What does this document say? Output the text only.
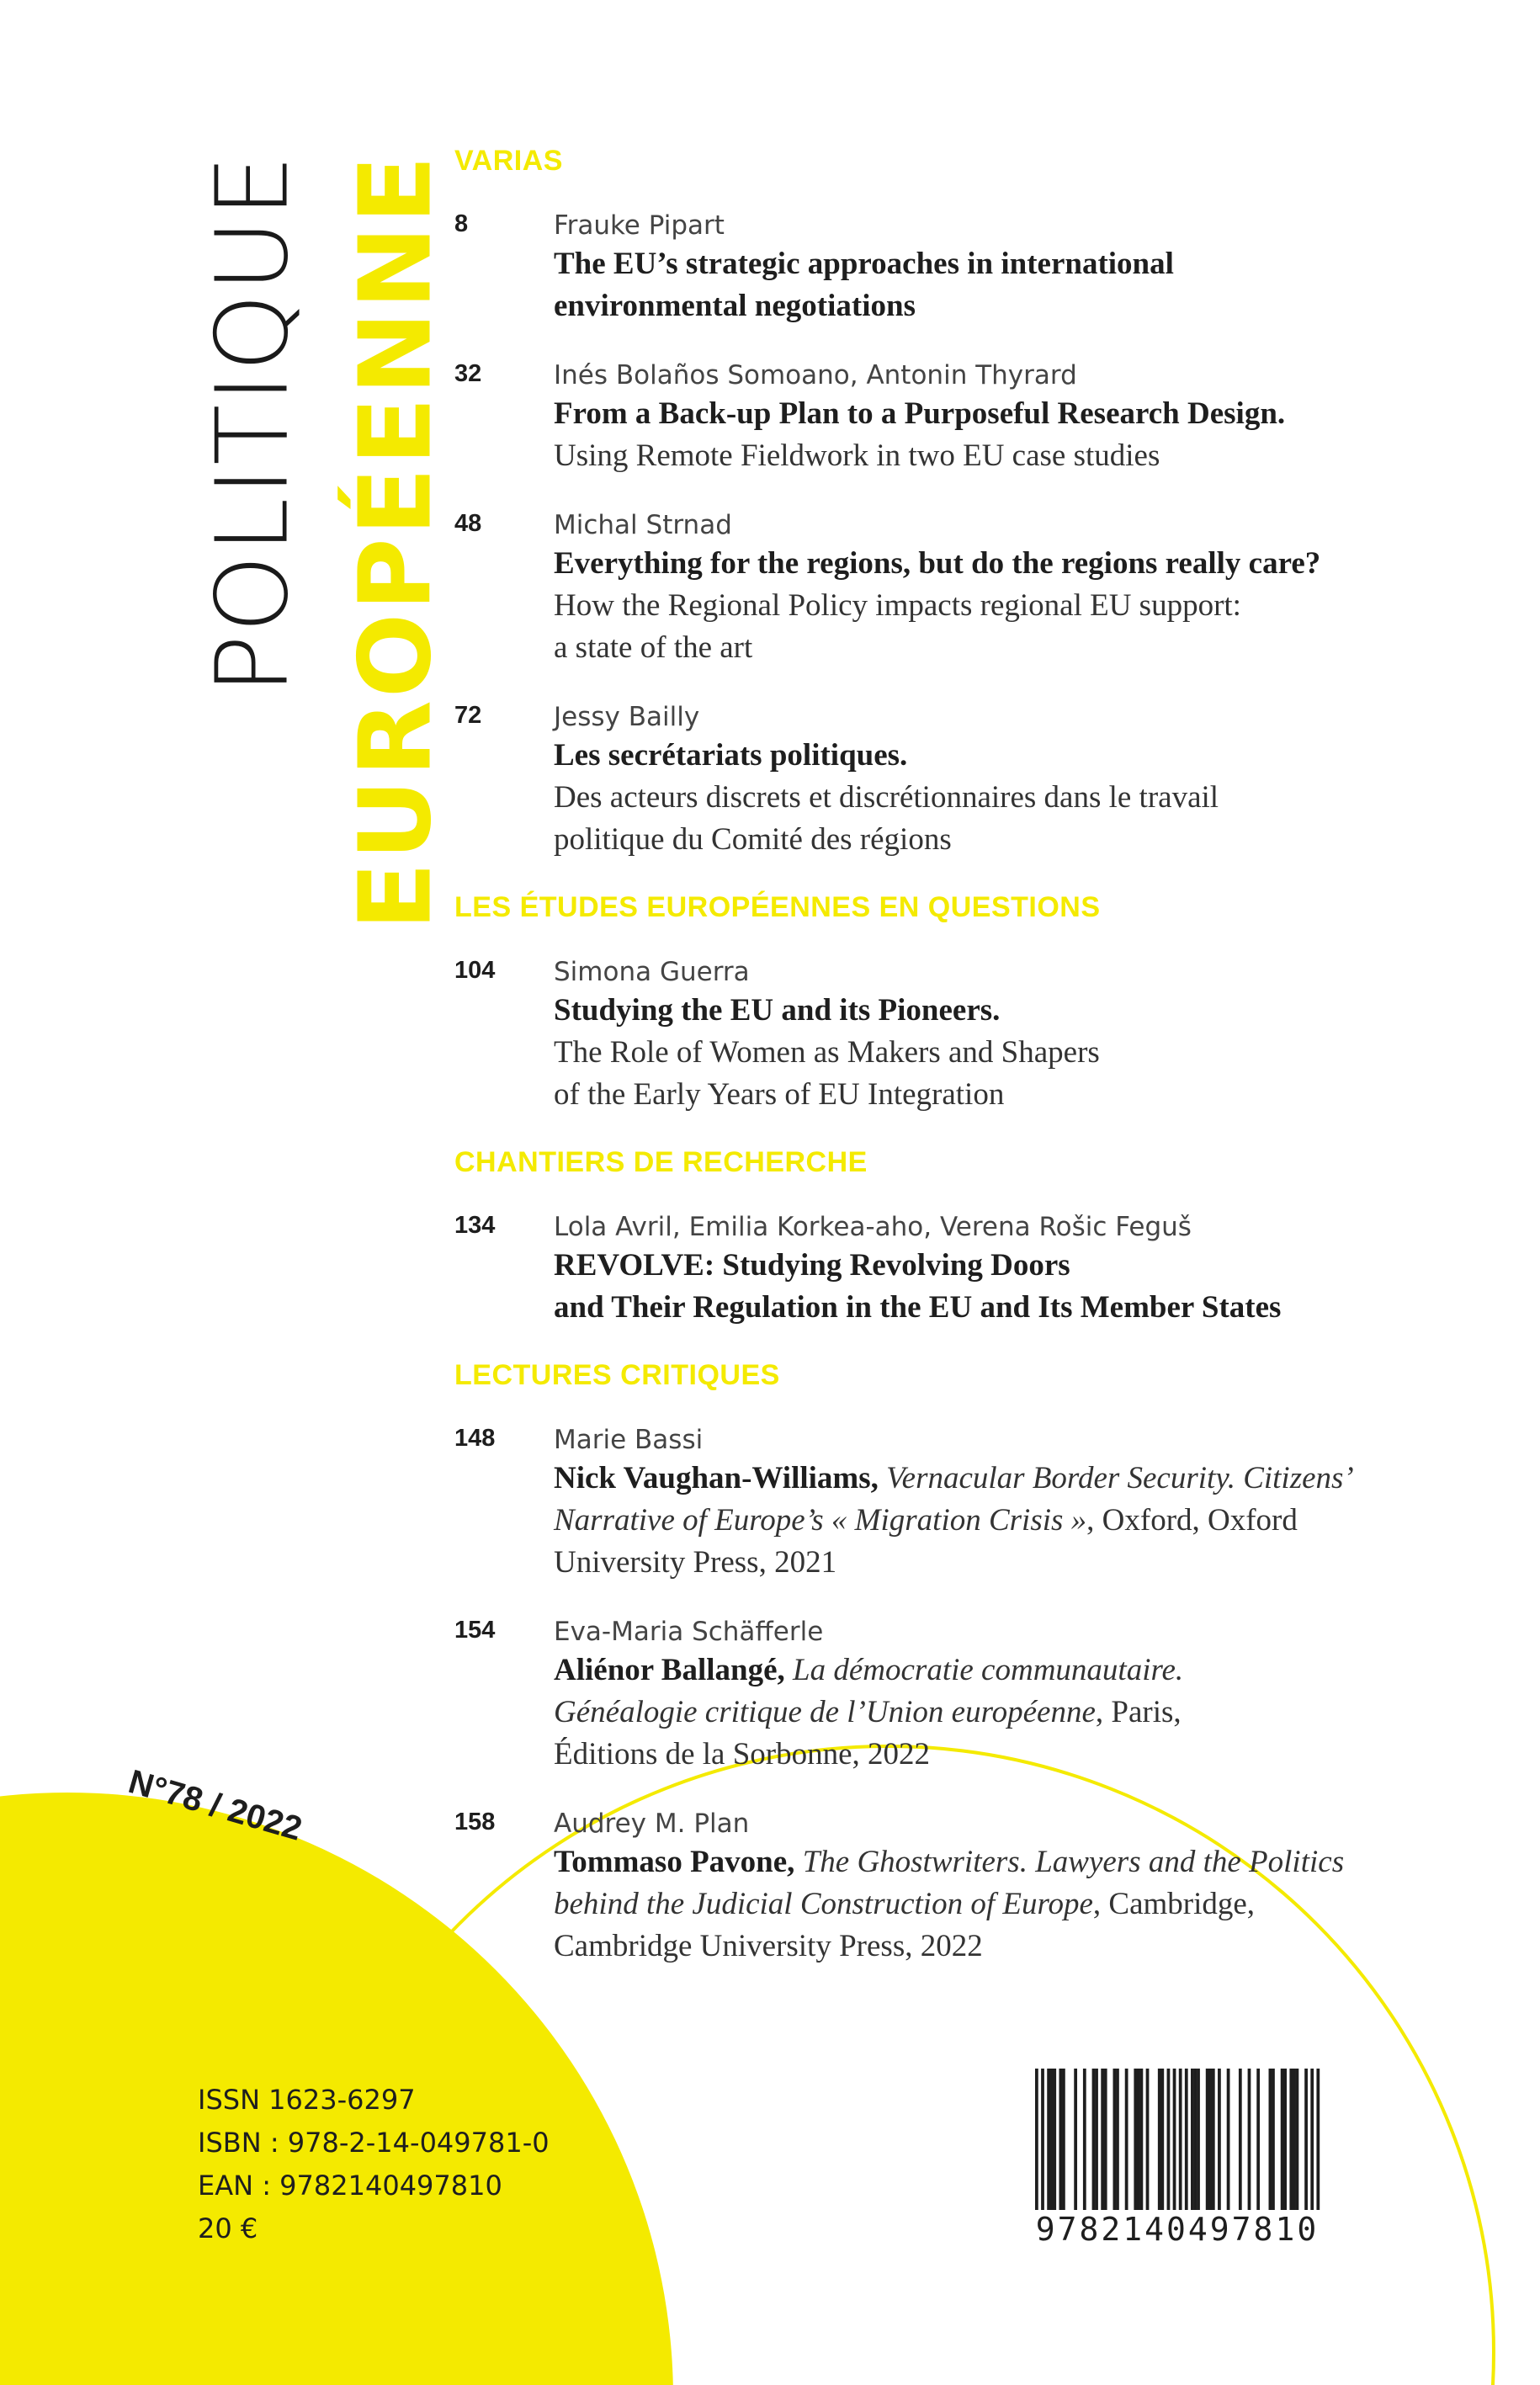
POLITIQUE EUROPÉENNE VARIAS
8	Frauke Pipart
The EU’s strategic approaches in international
environmental negotiations
32	Inés Bolaños Somoano, Antonin Thyrard
From a Back-up Plan to a Purposeful Research Design.
Using Remote Fieldwork in two EU case studies
48	Michal Strnad
Everything for the regions, but do the regions really care?
How the Regional Policy impacts regional EU support:
a state of the art
72	Jessy Bailly
Les secrétariats politiques.
Des acteurs discrets et discrétionnaires dans le travail
politique du Comité des régions
LES ÉTUDES EUROPÉENNES EN QUESTIONS
104 Simona Guerra
Studying the EU and its Pioneers.
The Role of Women as Makers and Shapers
of the Early Years of EU Integration
CHANTIERS DE RECHERCHE
134 Lola Avril, Emilia Korkea-aho, Verena Rošic Feguš
REVOLVE: Studying Revolving Doors
and Their Regulation in the EU and Its Member States
LECTURES CRITIQUES
148 Marie Bassi
Nick Vaughan-Williams, Vernacular Border Security. Citizens’
Narrative of Europe’s « Migration Crisis », Oxford, Oxford
University Press, 2021
154 Eva-Maria Schäfferle
Aliénor Ballangé, La démocratie communautaire.
Généalogie critique de l’Union européenne, Paris,
Éditions de la Sorbonne, 2022
158 Audrey M. Plan
Tommaso Pavone, The Ghostwriters. Lawyers and the Politics
behind the Judicial Construction of Europe, Cambridge,
Cambridge University Press, 2022
N°78 / 2022
ISSN 1623-6297
ISBN : 978-2-14-049781-0
EAN : 9782140497810
20 €	9782140497810
